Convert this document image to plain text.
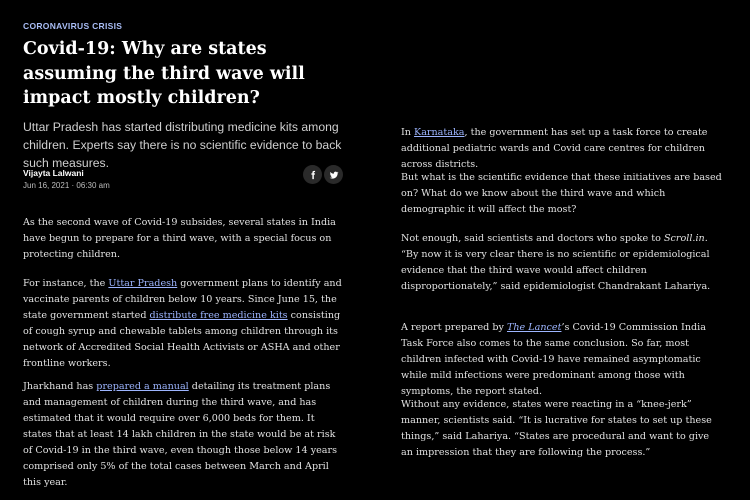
CORONAVIRUS CRISIS
Covid-19: Why are states assuming the third wave will impact mostly children?

Uttar Pradesh has started distributing medicine kits among children. Experts say there is no scientific evidence to back such measures.

Vijayta Lalwani
Jun 16, 2021 · 06:30 am

As the second wave of Covid-19 subsides, several states in India have begun to prepare for a third wave, with a special focus on protecting children.

For instance, the Uttar Pradesh government plans to identify and vaccinate parents of children below 10 years. Since June 15, the state government started distribute free medicine kits consisting of cough syrup and chewable tablets among children through its network of Accredited Social Health Activists or ASHA and other frontline workers.

Jharkhand has prepared a manual detailing its treatment plans and management of children during the third wave, and has estimated that it would require over 6,000 beds for them. It states that at least 14 lakh children in the state would be at risk of Covid-19 in the third wave, even though those below 14 years comprised only 5% of the total cases between March and April this year.

In Karnataka, the government has set up a task force to create additional pediatric wards and Covid care centres for children across districts.

But what is the scientific evidence that these initiatives are based on? What do we know about the third wave and which demographic it will affect the most?

Not enough, said scientists and doctors who spoke to Scroll.in. “By now it is very clear there is no scientific or epidemiological evidence that the third wave would affect children disproportionately,” said epidemiologist Chandrakant Lahariya.

A report prepared by The Lancet’s Covid-19 Commission India Task Force also comes to the same conclusion. So far, most children infected with Covid-19 have remained asymptomatic while mild infections were predominant among those with symptoms, the report stated.

Without any evidence, states were reacting in a “knee-jerk” manner, scientists said. “It is lucrative for states to set up these things,” said Lahariya. “States are procedural and want to give an impression that they are following the process.”
